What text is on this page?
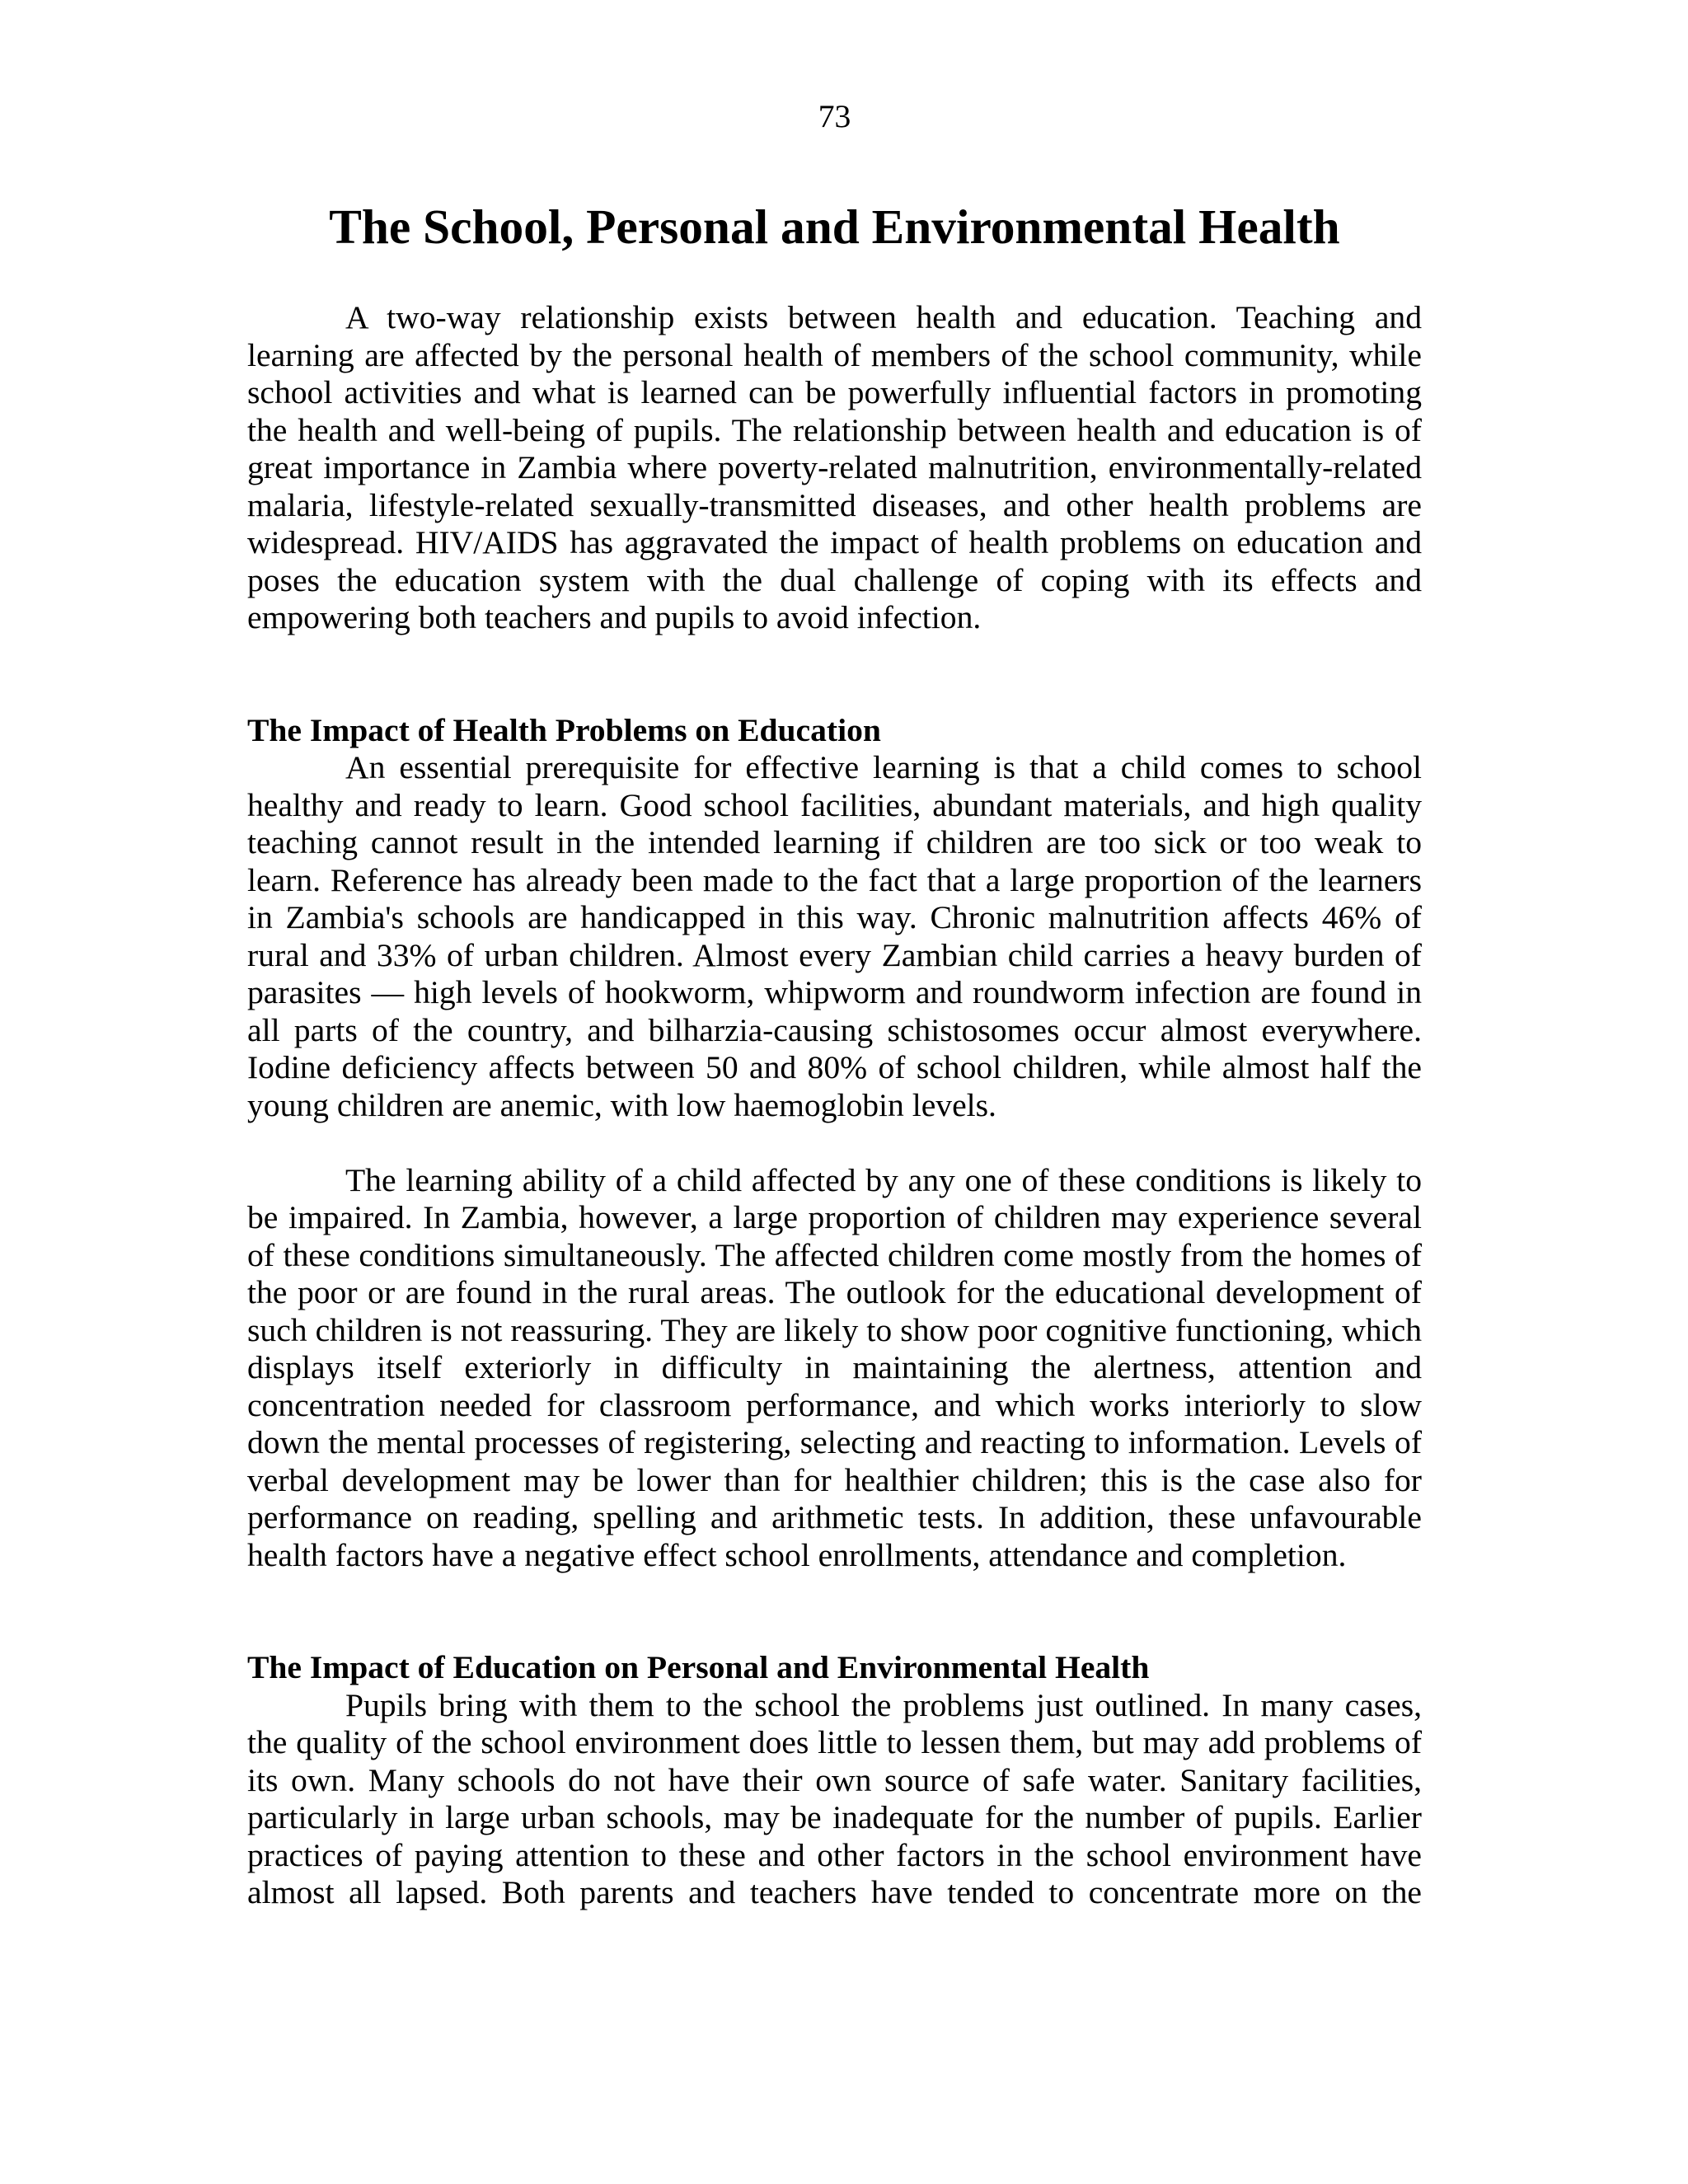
73
The School, Personal and Environmental Health

A two-way relationship exists between health and education. Teaching and learning are affected by the personal health of members of the school community, while school activities and what is learned can be powerfully influential factors in promoting the health and well-being of pupils. The relationship between health and education is of great importance in Zambia where poverty-related malnutrition, environmentally-related malaria, lifestyle-related sexually-transmitted diseases, and other health problems are widespread. HIV/AIDS has aggravated the impact of health problems on education and poses the education system with the dual challenge of coping with its effects and empowering both teachers and pupils to avoid infection.

The Impact of Health Problems on Education

An essential prerequisite for effective learning is that a child comes to school healthy and ready to learn. Good school facilities, abundant materials, and high quality teaching cannot result in the intended learning if children are too sick or too weak to learn. Reference has already been made to the fact that a large proportion of the learners in Zambia's schools are handicapped in this way. Chronic malnutrition affects 46% of rural and 33% of urban children. Almost every Zambian child carries a heavy burden of parasites — high levels of hookworm, whipworm and roundworm infection are found in all parts of the country, and bilharzia-causing schistosomes occur almost everywhere. Iodine deficiency affects between 50 and 80% of school children, while almost half the young children are anemic, with low haemoglobin levels.

The learning ability of a child affected by any one of these conditions is likely to be impaired. In Zambia, however, a large proportion of children may experience several of these conditions simultaneously. The affected children come mostly from the homes of the poor or are found in the rural areas. The outlook for the educational development of such children is not reassuring. They are likely to show poor cognitive functioning, which displays itself exteriorly in difficulty in maintaining the alertness, attention and concentration needed for classroom performance, and which works interiorly to slow down the mental processes of registering, selecting and reacting to information. Levels of verbal development may be lower than for healthier children; this is the case also for performance on reading, spelling and arithmetic tests. In addition, these unfavourable health factors have a negative effect school enrollments, attendance and completion.

The Impact of Education on Personal and Environmental Health

Pupils bring with them to the school the problems just outlined. In many cases, the quality of the school environment does little to lessen them, but may add problems of its own. Many schools do not have their own source of safe water. Sanitary facilities, particularly in large urban schools, may be inadequate for the number of pupils. Earlier practices of paying attention to these and other factors in the school environment have almost all lapsed. Both parents and teachers have tended to concentrate more on the
